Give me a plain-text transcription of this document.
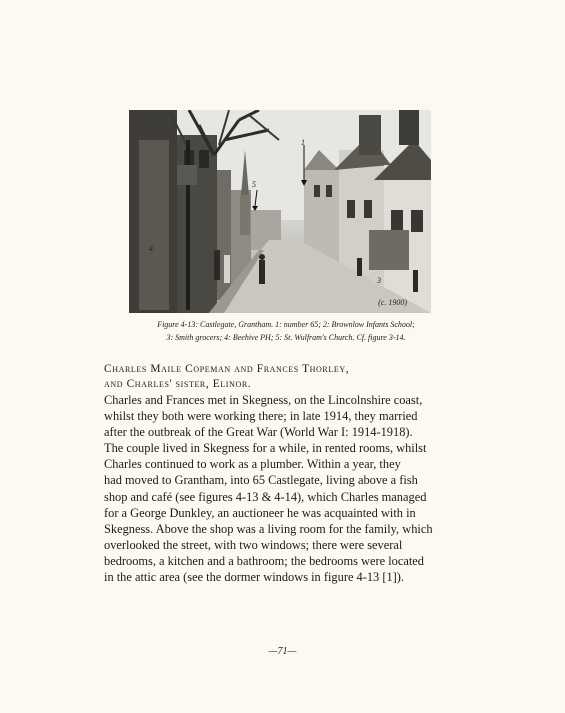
1
5
4
3
(c. 1900)

Figure 4-13: Castlegate, Grantham. 1: number 65; 2: Brownlow Infants School;
3: Smith grocers; 4: Beehive PH; 5: St. Wulfram's Church. Cf. figure 3-14.

Charles Maile Copeman and Frances Thorley,
and Charles' sister, Elinor.
Charles and Frances met in Skegness, on the Lincolnshire coast,
whilst they both were working there; in late 1914, they married
after the outbreak of the Great War (World War I: 1914-1918).
The couple lived in Skegness for a while, in rented rooms, whilst
Charles continued to work as a plumber. Within a year, they
had moved to Grantham, into 65 Castlegate, living above a fish
shop and café (see figures 4-13 & 4-14), which Charles managed
for a George Dunkley, an auctioneer he was acquainted with in
Skegness. Above the shop was a living room for the family, which
overlooked the street, with two windows; there were several
bedrooms, a kitchen and a bathroom; the bedrooms were located
in the attic area (see the dormer windows in figure 4-13 [1]).
—71—
